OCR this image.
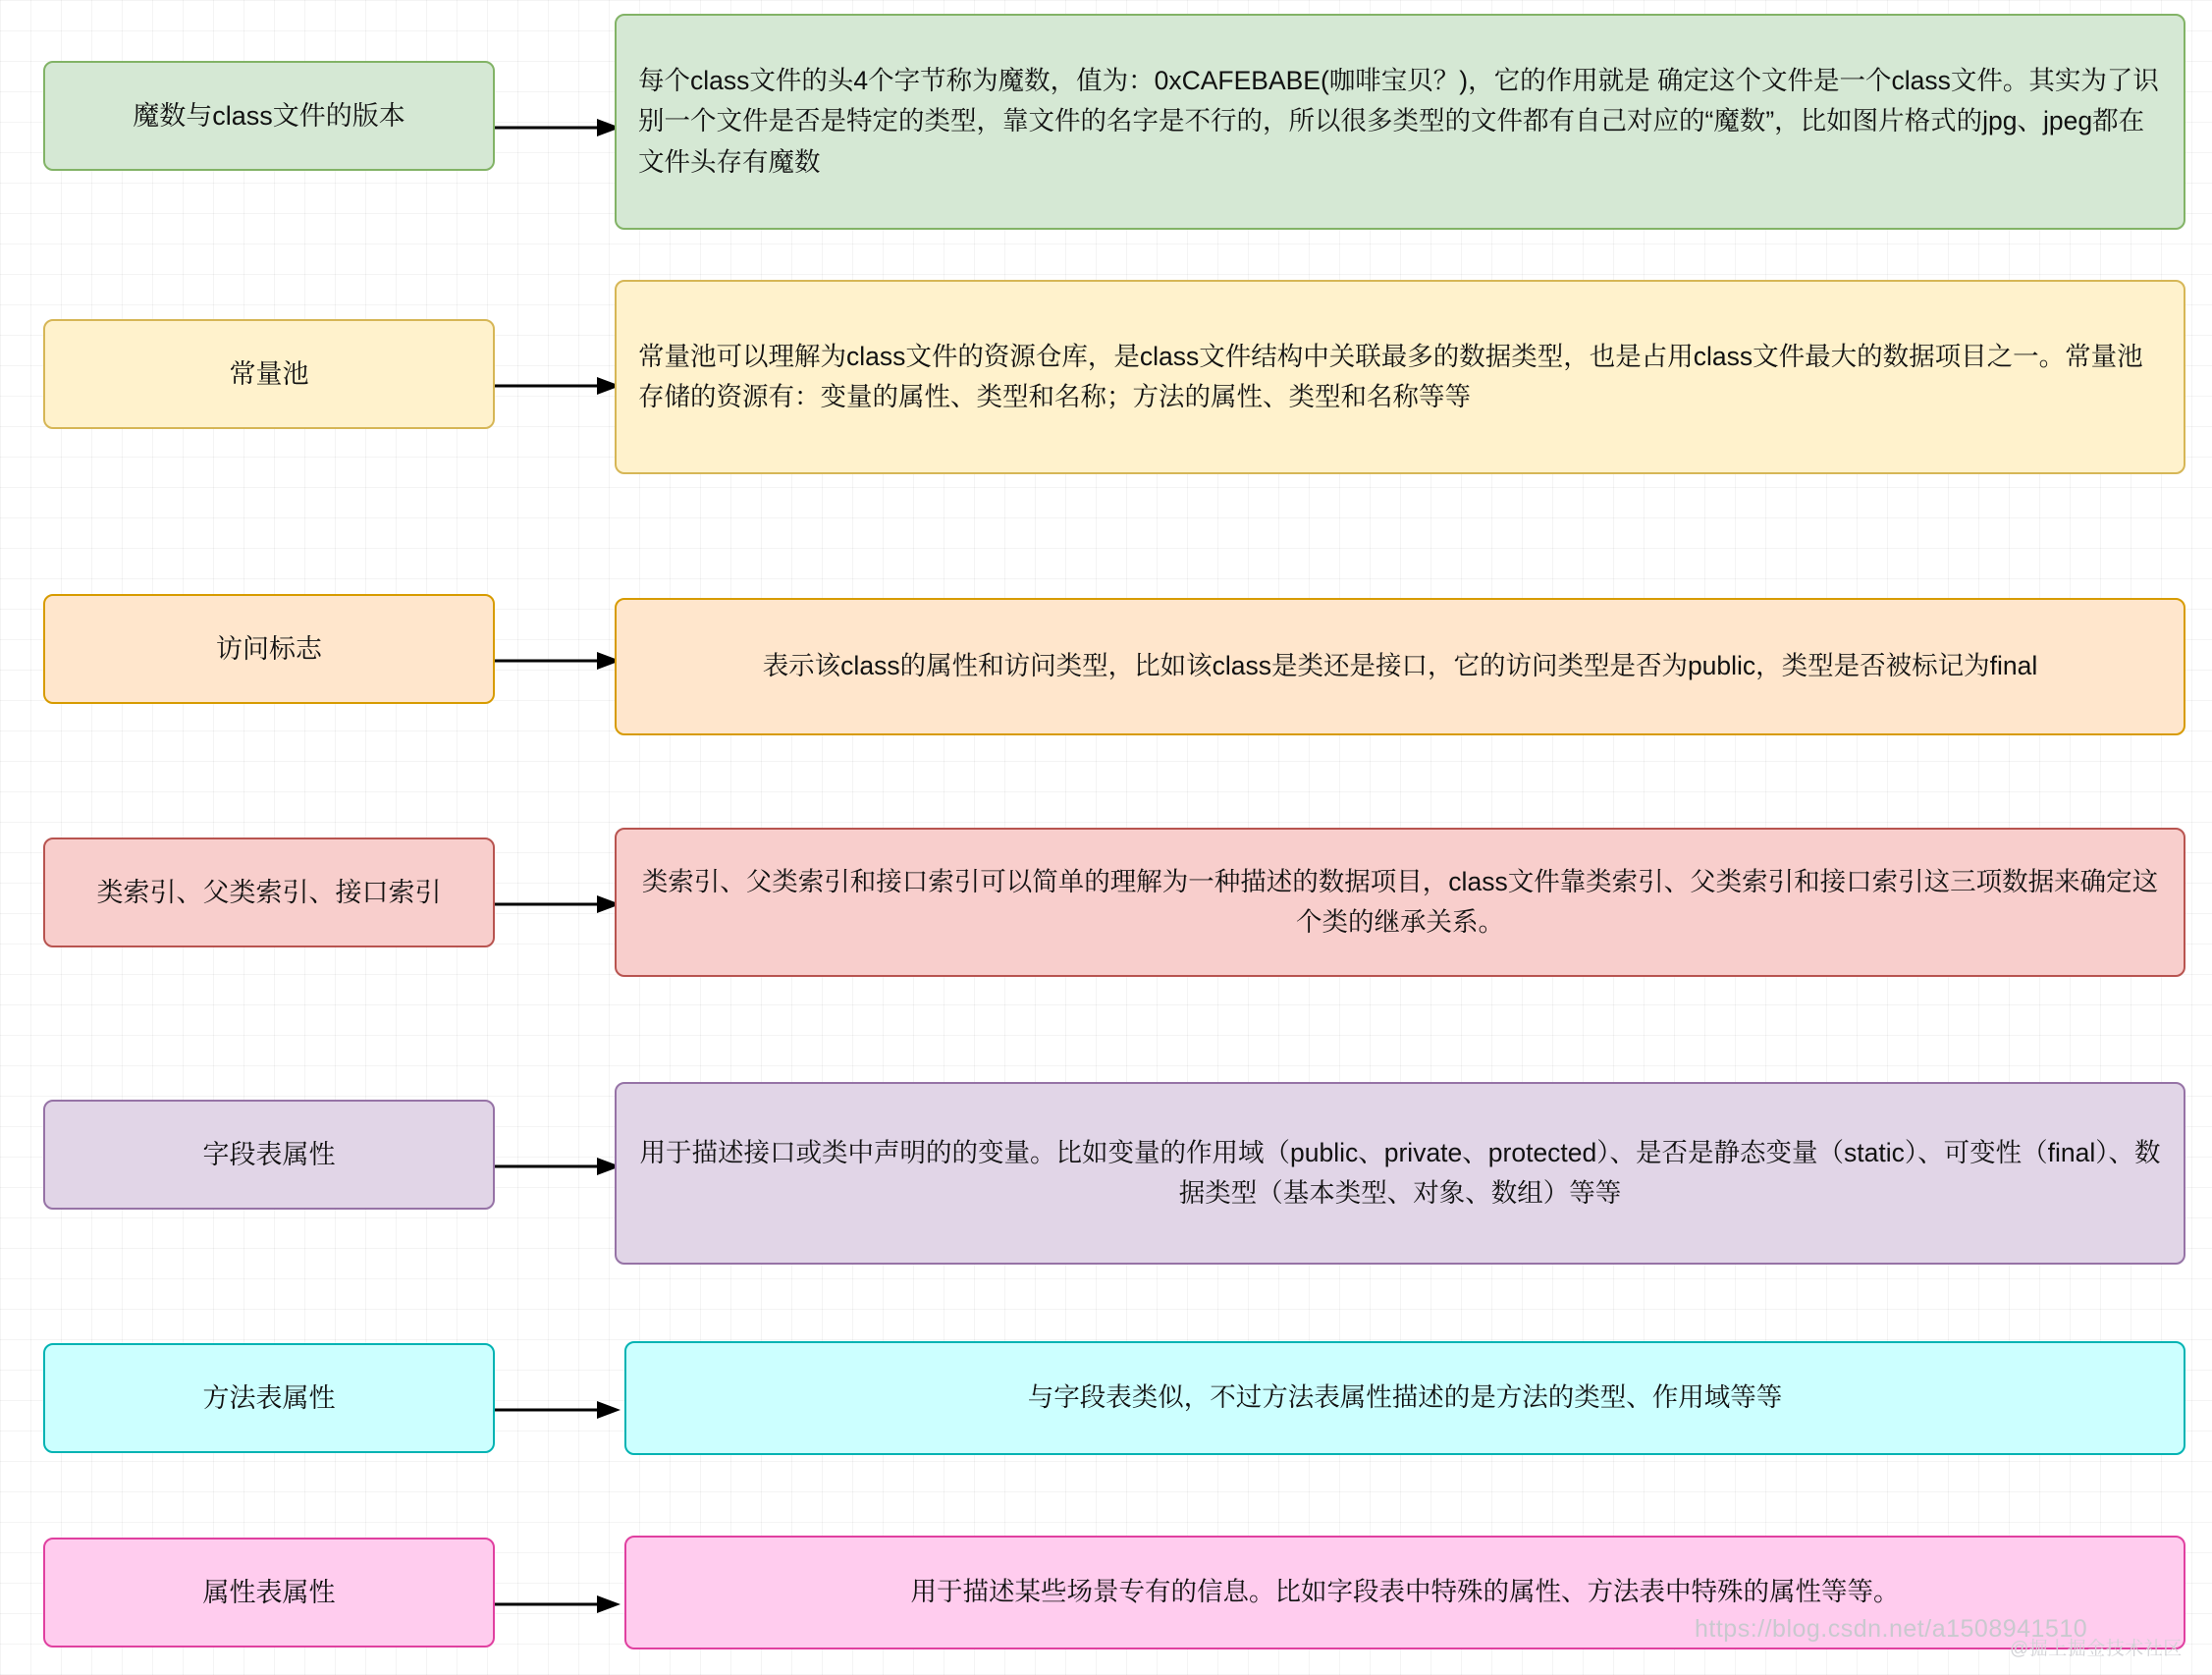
魔数与class文件的版本
每个class文件的头4个字节称为魔数，值为：0xCAFEBABE(咖啡宝贝？)，它的作用就是 确定这个文件是一个class文件。其实为了识别一个文件是否是特定的类型，靠文件的名字是不行的，所以很多类型的文件都有自己对应的“魔数”，比如图片格式的jpg、jpeg都在文件头存有魔数
常量池
常量池可以理解为class文件的资源仓库，是class文件结构中关联最多的数据类型，也是占用class文件最大的数据项目之一。常量池存储的资源有：变量的属性、类型和名称；方法的属性、类型和名称等等
访问标志
表示该class的属性和访问类型，比如该class是类还是接口，它的访问类型是否为public，类型是否被标记为final
类索引、父类索引、接口索引	类索引、父类索引和接口索引可以简单的理解为一种描述的数据项目，class文件靠类索引、父类索引和接口索引这三项数据来确定这个类的继承关系。
字段表属性	用于描述接口或类中声明的的变量。比如变量的作用域（public、private、protected）、是否是静态变量（static）、可变性（final）、数据类型（基本类型、对象、数组）等等
方法表属性	与字段表类似，不过方法表属性描述的是方法的类型、作用域等等
属性表属性	用于描述某些场景专有的信息。比如字段表中特殊的属性、方法表中特殊的属性等等。
https://blog.csdn.net/a1508941510
@掘上掘金技术社区
